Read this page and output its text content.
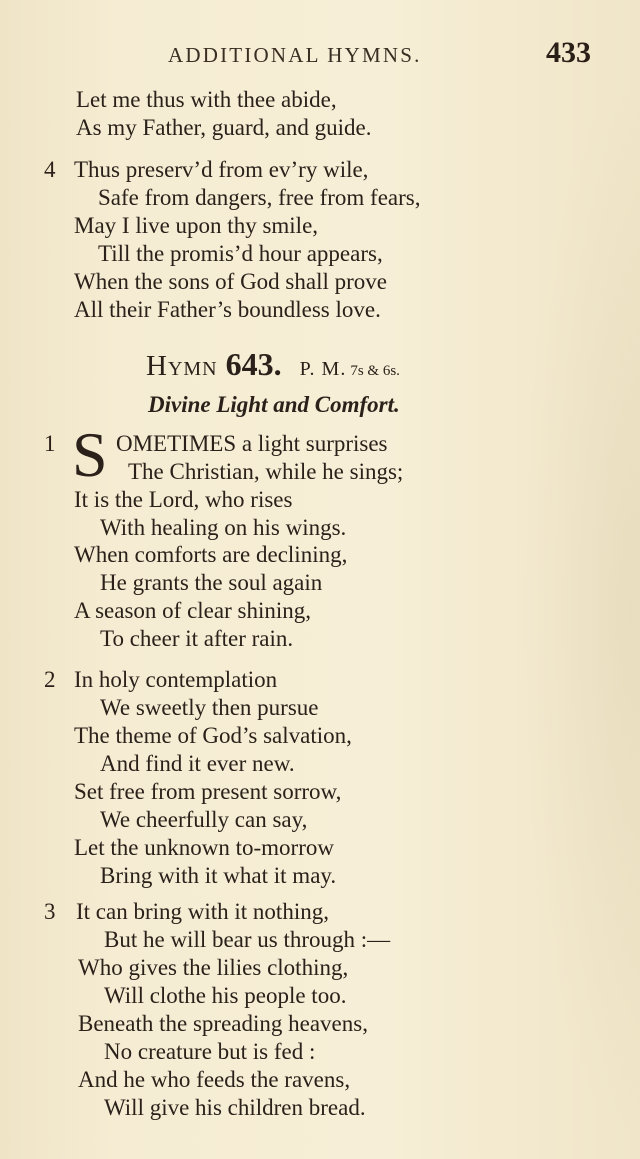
ADDITIONAL HYMNS.	433
Let me thus with thee abide,
As my Father, guard, and guide.
4 Thus preserv’d from ev’ry wile,
Safe from dangers, free from fears,
May I live upon thy smile,
Till the promis’d hour appears,
When the sons of God shall prove
All their Father’s boundless love.
Hymn 643. P. M. 7s & 6s.
Divine Light and Comfort.
1 S OMETIMES a light surprises
The Christian, while he sings;
It is the Lord, who rises
With healing on his wings.
When comforts are declining,
He grants the soul again
A season of clear shining,
To cheer it after rain.
2 In holy contemplation
We sweetly then pursue
The theme of God’s salvation,
And find it ever new.
Set free from present sorrow,
We cheerfully can say,
Let the unknown to-morrow
Bring with it what it may.
3 It can bring with it nothing,
But he will bear us through :—
Who gives the lilies clothing,
Will clothe his people too.
Beneath the spreading heavens,
No creature but is fed :
And he who feeds the ravens,
Will give his children bread.
